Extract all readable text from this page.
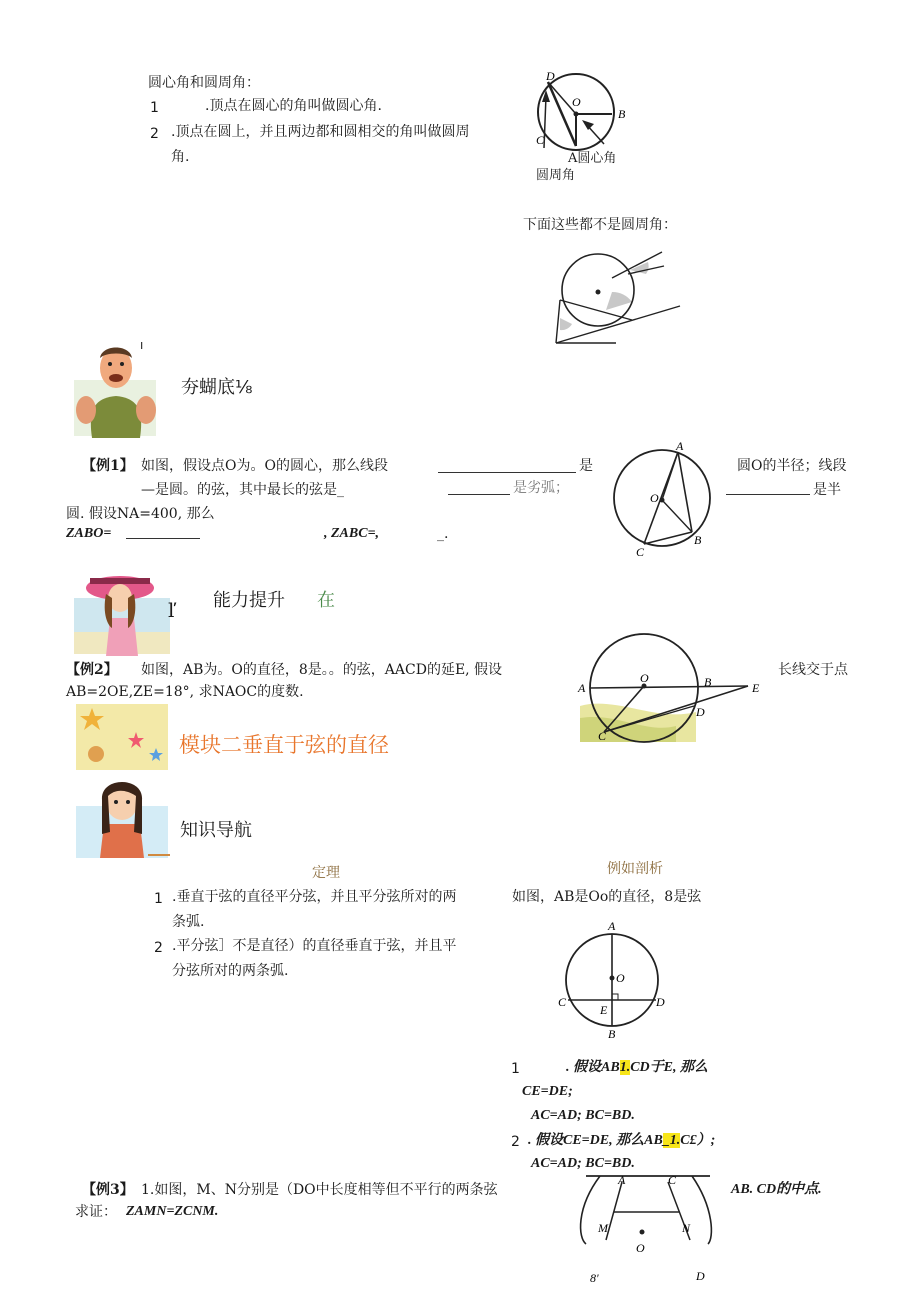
圆心角和圆周角：
1	.顶点在圆心的角叫做圆心角.
2 .顶点在圆上，并且两边都和圆相交的角叫做圆周
角.
D
O
B
C
A圆心角
圆周角
下面这些都不是圆周角：
ı
夯蝴底⅛
【例1】 如图，假设点O为。O的圆心，那么线段	是	圆O的半径；线段
—是圆。的弦，其中最长的弦是_	是劣弧；	是半
圆. 假设NA=400, 那么
ZABO=	, ZABC=,	_.
A
O
C
B
ľ 能力提升 在
【例2】 如图，AB为。O的直径，8是。。的弦，AACD的延E, 假设	长线交于点
AB=2OE,ZE=18°, 求NAOC的度数.	A
O	B	E
D
C
模块二垂直于弦的直径
知识导航
定理
1 .垂直于弦的直径平分弦，并且平分弦所对的两
条弧.
2 .平分弦］不是直径）的直径垂直于弦，并且平
分弦所对的两条弧.
例如剖析
如图，AB是Oo的直径，8是弦
A
O
C
E
D
B
1	. 假设AB1.CD于E, 那么
CE=DE;
AC=AD; BC=BD.
2 . 假设CE=DE, 那么AB_1.C£）;
AC=AD; BC=BD.
【例3】 1.如图，M、N分别是（DO中长度相等但不平行的两条弦	AB. CD的中点.
求证： ZAMN=ZCNM.
A	C
M	N
O
8'	D
